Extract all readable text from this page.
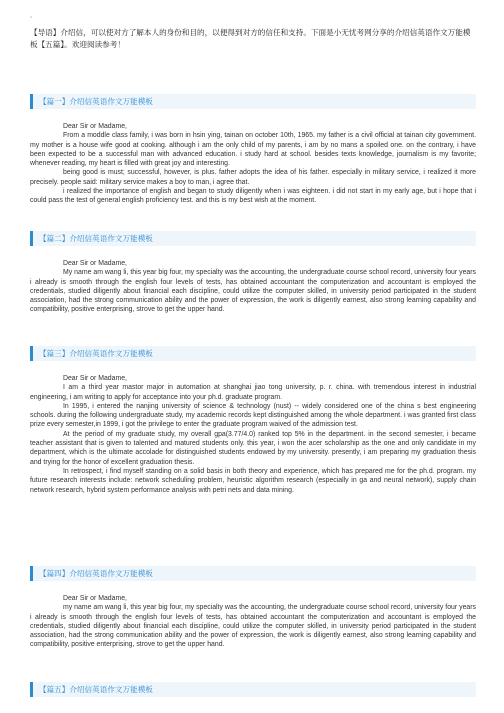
▫
【导语】介绍信，可以使对方了解本人的身份和目的，以便得到对方的信任和支持。下面是小无忧考网分享的介绍信英语作文万能模板【五篇】。欢迎阅读参考！
【篇一】介绍信英语作文万能模板

Dear Sir or Madame,

From a moddle class family, i was born in hsin ying, tainan on october 10th, 1965. my father is a civil official at tainan city government. my mother is a house wife good at cooking. although i am the only child of my parents, i am by no mans a spoiled one. on the contrary, i have been expected to be a successful man with advanced education. i study hard at school. besides texts knowledge, journalism is my favorite; whenever reading, my heart is filled with great joy and interesting.

being good is must; successful, however, is plus. father adopts the idea of his father. especially in military service, i realized it more precisely. people said: military service makes a boy to man, i agree that.

i realized the importance of english and began to study diligently when i was eighteen. i did not start in my early age, but i hope that i could pass the test of general english proficiency test. and this is my best wish at the moment.

【篇二】介绍信英语作文万能模板

Dear Sir or Madame,

My name am wang li, this year big four, my specialty was the accounting, the undergraduate course school record, university four years i already is smooth through the english four levels of tests, has obtained accountant the computerization and accountant is employed the credentials, studied diligently about financial each discipline, could utilize the computer skilled, in university period participated in the student association, had the strong communication ability and the power of expression, the work is diligently earnest, also strong learning capability and compatibility, positive enterprising, strove to get the upper hand.

【篇三】介绍信英语作文万能模板

Dear Sir or Madame,

I am a third year mastor major in automation at shanghai jiao tong university, p. r. china. with tremendous interest in industrial engineering, i am writing to apply for acceptance into your ph.d. graduate program.

In 1995, i entered the nanjing university of science & technology (nust) -- widely considered one of the china s best engineering schools. during the following undergraduate study, my academic records kept distinguished among the whole department. i was granted first class prize every semester,in 1999, i got the privilege to enter the graduate program waived of the admission test.

At the period of my graduate study, my overall gpa(3.77/4.0) ranked top 5% in the department. in the second semester, i became teacher assistant that is given to talented and matured students only. this year, i won the acer scholarship as the one and only candidate in my department, which is the ultimate accolade for distinguished students endowed by my university. presently, i am preparing my graduation thesis and trying for the honor of excellent graduation thesis.

In retrospect, i find myself standing on a solid basis in both theory and experience, which has prepared me for the ph.d. program. my future research interests include: network scheduling problem, heuristic algorithm research (especially in ga and neural network), supply chain network research, hybrid system performance analysis with petri nets and data mining.

【篇四】介绍信英语作文万能模板

Dear Sir or Madame,

my name am wang li, this year big four, my specialty was the accounting, the undergraduate course school record, university four years i already is smooth through the english four levels of tests, has obtained accountant the computerization and accountant is employed the credentials, studied diligently about financial each discipline, could utilize the computer skilled, in university period participated in the student association, had the strong communication ability and the power of expression, the work is diligently earnest, also strong learning capability and compatibility, positive enterprising, strove to get the upper hand.

【篇五】介绍信英语作文万能模板
